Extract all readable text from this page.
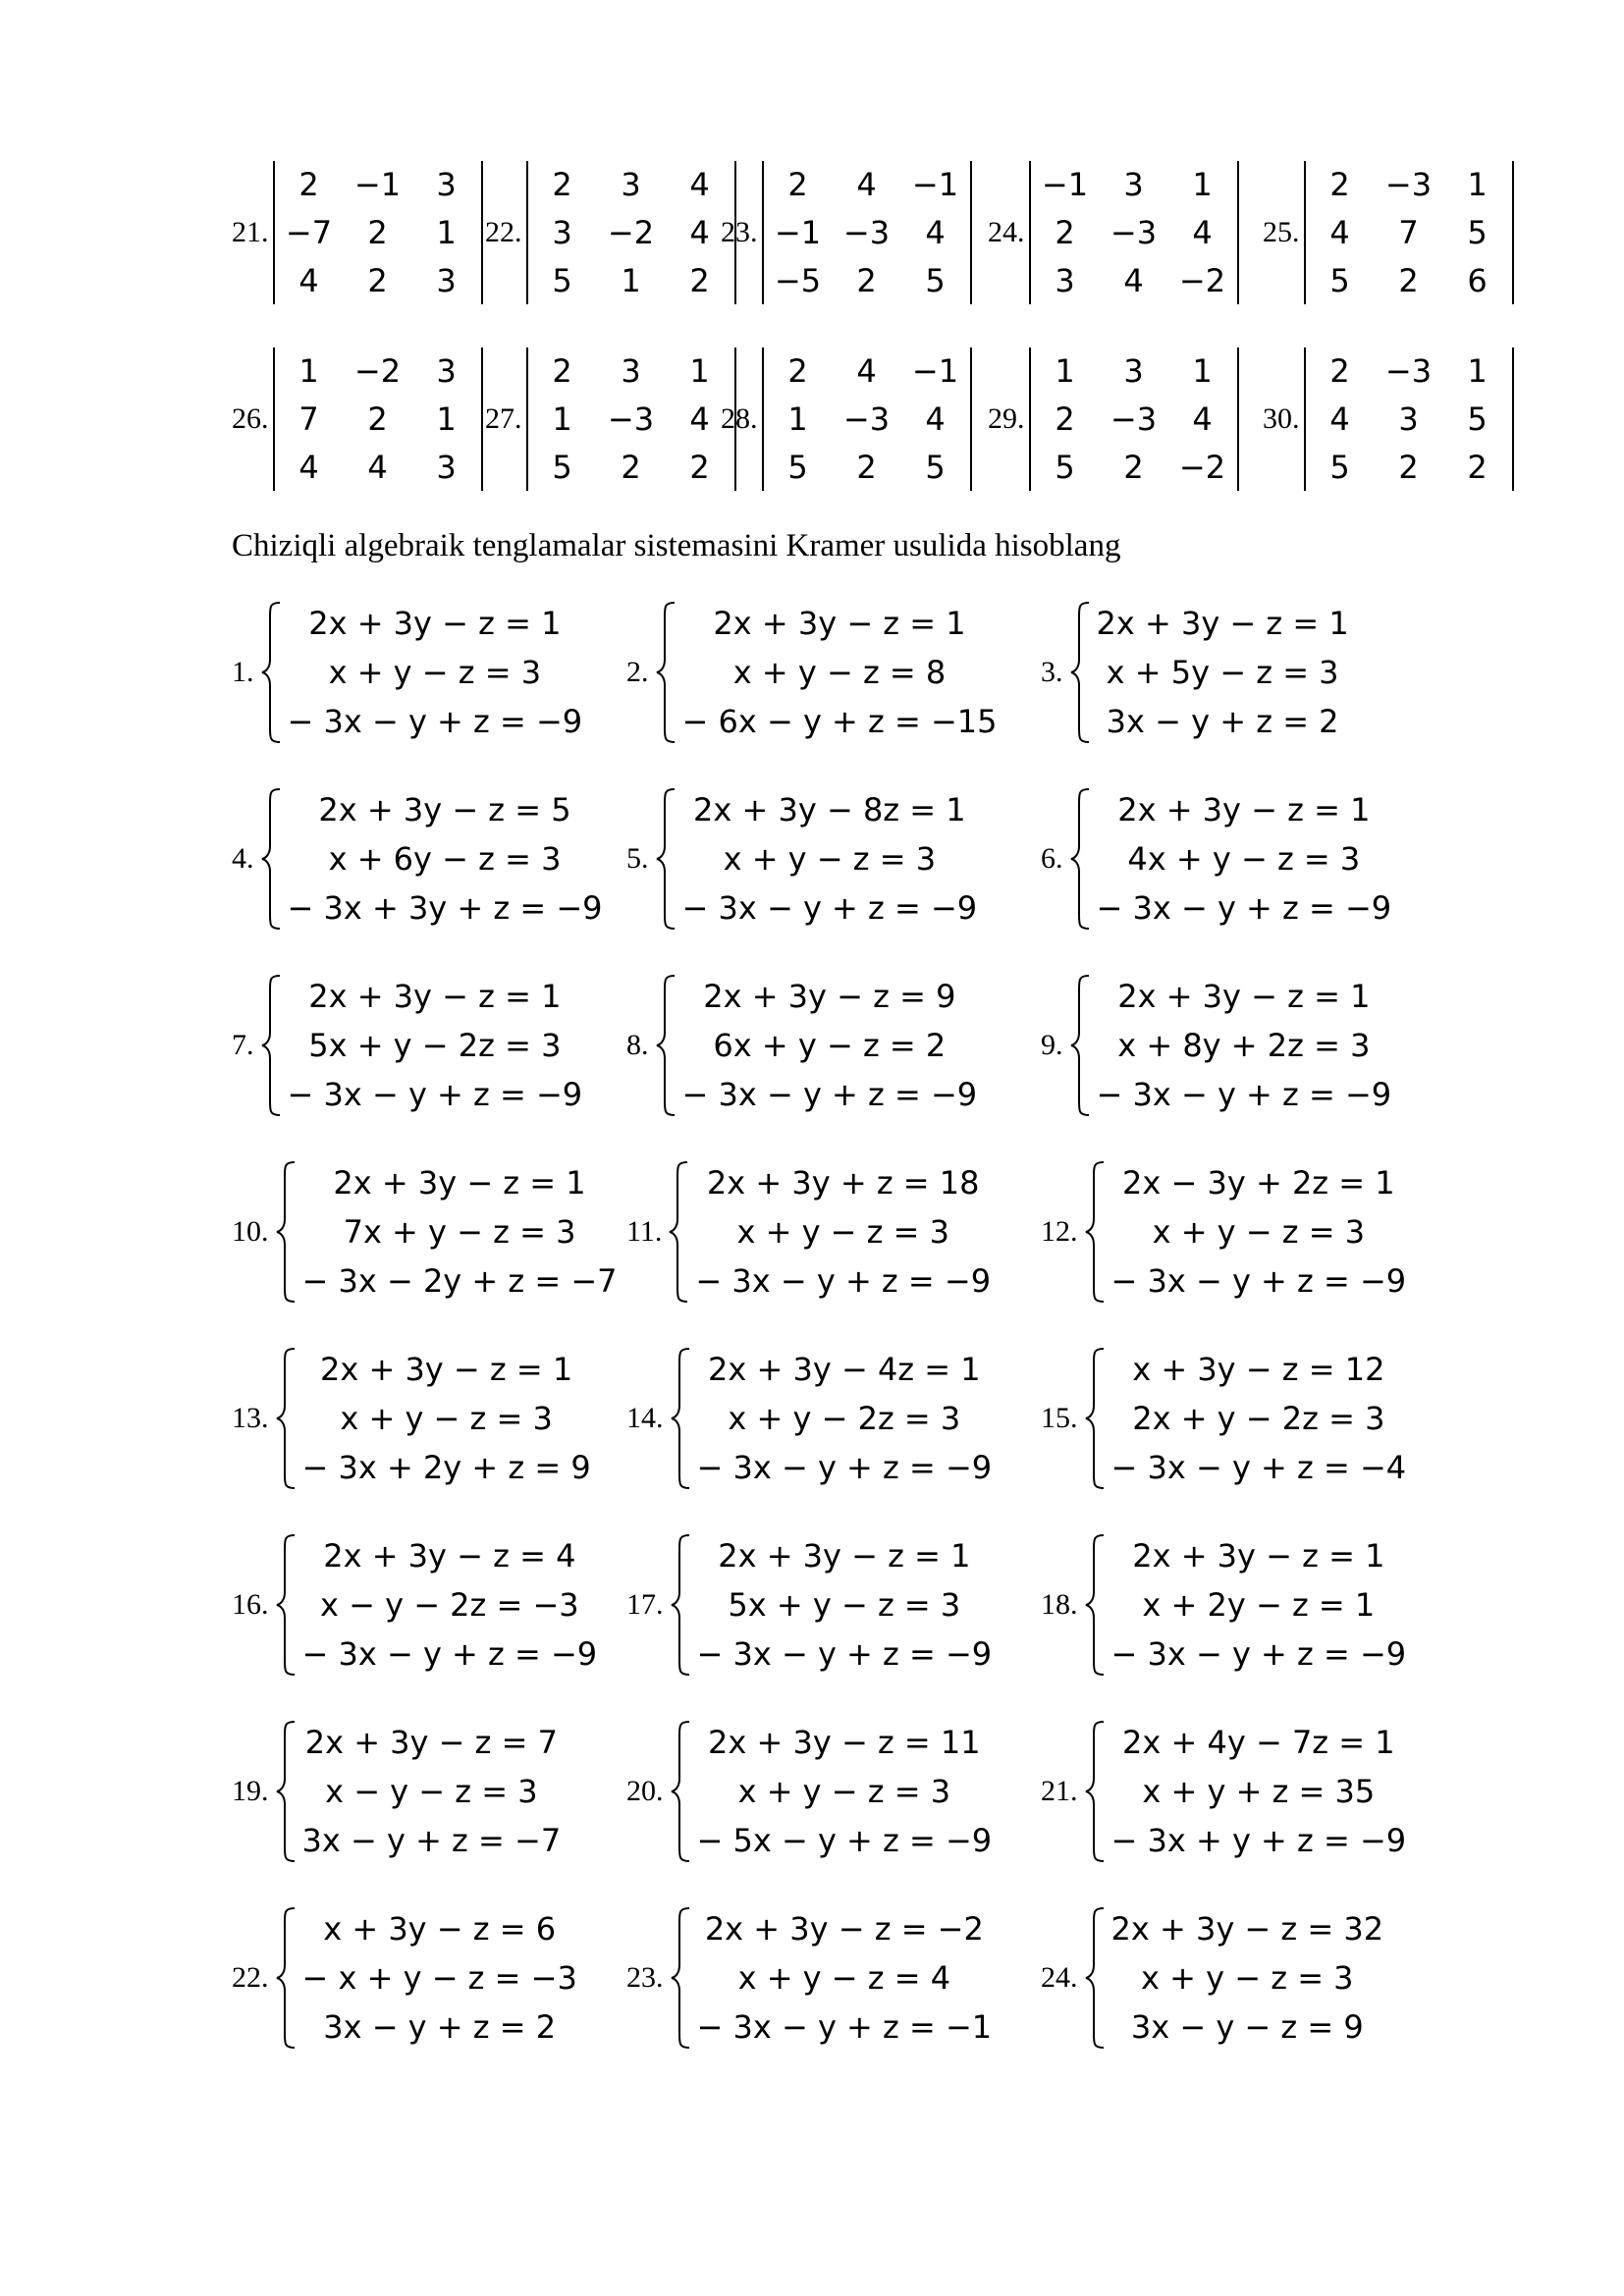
21.
2	−1	3
−7	2	1
4	2	3
22.
2	3	4
3	−2	4
5	1	2
23.
2	4	−1
−1 −3	4
−5	2	5
24.
−1	3	1
2	−3	4
3	4	−2
25.
2	−3	1
4	7	5
5	2	6
26.
1	−2	3
7	2	1
4	4	3
27.
2	3	1
1	−3	4
5	2	2
28.
2	4	−1
1	−3	4
5	2	5
29.
1	3	1
2	−3	4
5	2	−2
30.
2	−3	1
4	3	5
5	2	2
Chiziqli algebraik tenglamalar sistemasini Kramer usulida hisoblang
1.
2x + 3y − z = 1
x + y − z = 3
− 3x − y + z = −9
2.
2x + 3y − z = 1
x + y − z = 8
− 6x − y + z = −15
3.
2x + 3y − z = 1
x + 5y − z = 3
3x − y + z = 2
4.
2x + 3y − z = 5
x + 6y − z = 3
− 3x + 3y + z = −9
5.
2x + 3y − 8z = 1
x + y − z = 3
− 3x − y + z = −9
6.
2x + 3y − z = 1
4x + y − z = 3
− 3x − y + z = −9
7.
2x + 3y − z = 1
5x + y − 2z = 3
− 3x − y + z = −9
8.
2x + 3y − z = 9
6x + y − z = 2
− 3x − y + z = −9
9.
2x + 3y − z = 1
x + 8y + 2z = 3
− 3x − y + z = −9
10.
2x + 3y − z = 1
7x + y − z = 3
− 3x − 2y + z = −7
11.
2x + 3y + z = 18
x + y − z = 3
− 3x − y + z = −9
12.
2x − 3y + 2z = 1
x + y − z = 3
− 3x − y + z = −9
13.
2x + 3y − z = 1
x + y − z = 3
− 3x + 2y + z = 9
14.
2x + 3y − 4z = 1
x + y − 2z = 3
− 3x − y + z = −9
15.
x + 3y − z = 12
2x + y − 2z = 3
− 3x − y + z = −4
16.
2x + 3y − z = 4
x − y − 2z = −3
− 3x − y + z = −9
17.
2x + 3y − z = 1
5x + y − z = 3
− 3x − y + z = −9
18.
2x + 3y − z = 1
x + 2y − z = 1
− 3x − y + z = −9
19.
2x + 3y − z = 7
x − y − z = 3
3x − y + z = −7
20.
2x + 3y − z = 11
x + y − z = 3
− 5x − y + z = −9
21.
2x + 4y − 7z = 1
x + y + z = 35
− 3x + y + z = −9
22.
x + 3y − z = 6
− x + y − z = −3
3x − y + z = 2
23.
2x + 3y − z = −2
x + y − z = 4
− 3x − y + z = −1
24.
2x + 3y − z = 32
x + y − z = 3
3x − y − z = 9
